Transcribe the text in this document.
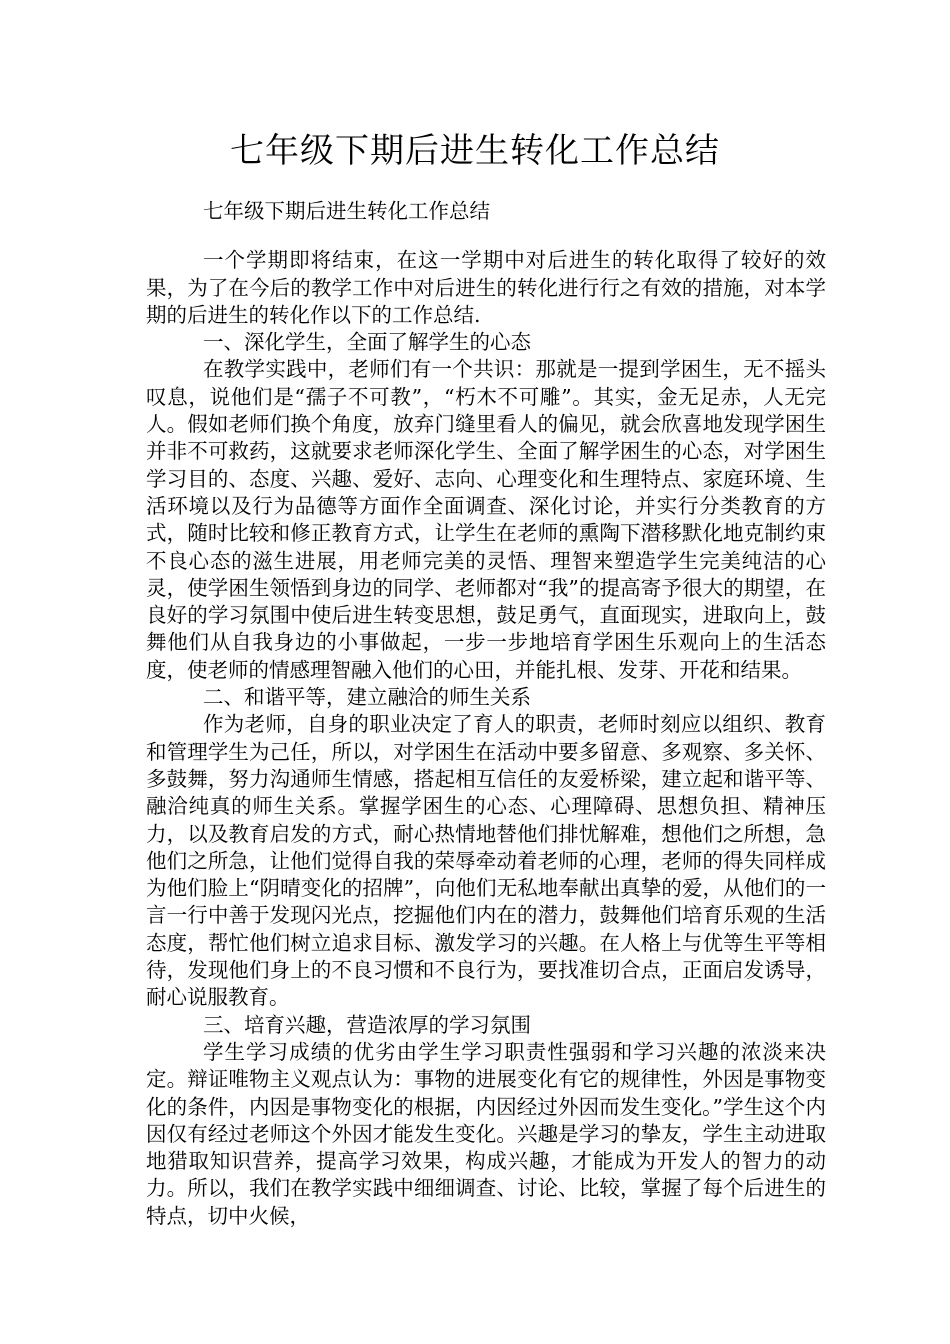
七年级下期后进生转化工作总结

七年级下期后进生转化工作总结

一个学期即将结束，在这一学期中对后进生的转化取得了较好的效果，为了在今后的教学工作中对后进生的转化进行行之有效的措施，对本学期的后进生的转化作以下的工作总结.

一、深化学生，全面了解学生的心态

在教学实践中，老师们有一个共识：那就是一提到学困生，无不摇头叹息，说他们是“孺子不可教”，“朽木不可雕”。其实，金无足赤，人无完人。假如老师们换个角度，放弃门缝里看人的偏见，就会欣喜地发现学困生并非不可救药，这就要求老师深化学生、全面了解学困生的心态，对学困生学习目的、态度、兴趣、爱好、志向、心理变化和生理特点、家庭环境、生活环境以及行为品德等方面作全面调查、深化讨论，并实行分类教育的方式，随时比较和修正教育方式，让学生在老师的熏陶下潜移默化地克制约束不良心态的滋生进展，用老师完美的灵悟、理智来塑造学生完美纯洁的心灵，使学困生领悟到身边的同学、老师都对“我”的提高寄予很大的期望，在良好的学习氛围中使后进生转变思想，鼓足勇气，直面现实，进取向上，鼓舞他们从自我身边的小事做起，一步一步地培育学困生乐观向上的生活态度，使老师的情感理智融入他们的心田，并能扎根、发芽、开花和结果。

二、和谐平等，建立融洽的师生关系

作为老师，自身的职业决定了育人的职责，老师时刻应以组织、教育和管理学生为己任，所以，对学困生在活动中要多留意、多观察、多关怀、多鼓舞，努力沟通师生情感，搭起相互信任的友爱桥梁，建立起和谐平等、融洽纯真的师生关系。掌握学困生的心态、心理障碍、思想负担、精神压力，以及教育启发的方式，耐心热情地替他们排忧解难，想他们之所想，急他们之所急，让他们觉得自我的荣辱牵动着老师的心理，老师的得失同样成为他们脸上“阴晴变化的招牌”，向他们无私地奉献出真挚的爱，从他们的一言一行中善于发现闪光点，挖掘他们内在的潜力，鼓舞他们培育乐观的生活态度，帮忙他们树立追求目标、激发学习的兴趣。在人格上与优等生平等相待，发现他们身上的不良习惯和不良行为，要找准切合点，正面启发诱导，耐心说服教育。

三、培育兴趣，营造浓厚的学习氛围

学生学习成绩的优劣由学生学习职责性强弱和学习兴趣的浓淡来决定。辩证唯物主义观点认为：事物的进展变化有它的规律性，外因是事物变化的条件，内因是事物变化的根据，内因经过外因而发生变化。”学生这个内因仅有经过老师这个外因才能发生变化。兴趣是学习的挚友，学生主动进取地猎取知识营养，提高学习效果，构成兴趣，才能成为开发人的智力的动力。所以，我们在教学实践中细细调查、讨论、比较，掌握了每个后进生的特点，切中火候，
